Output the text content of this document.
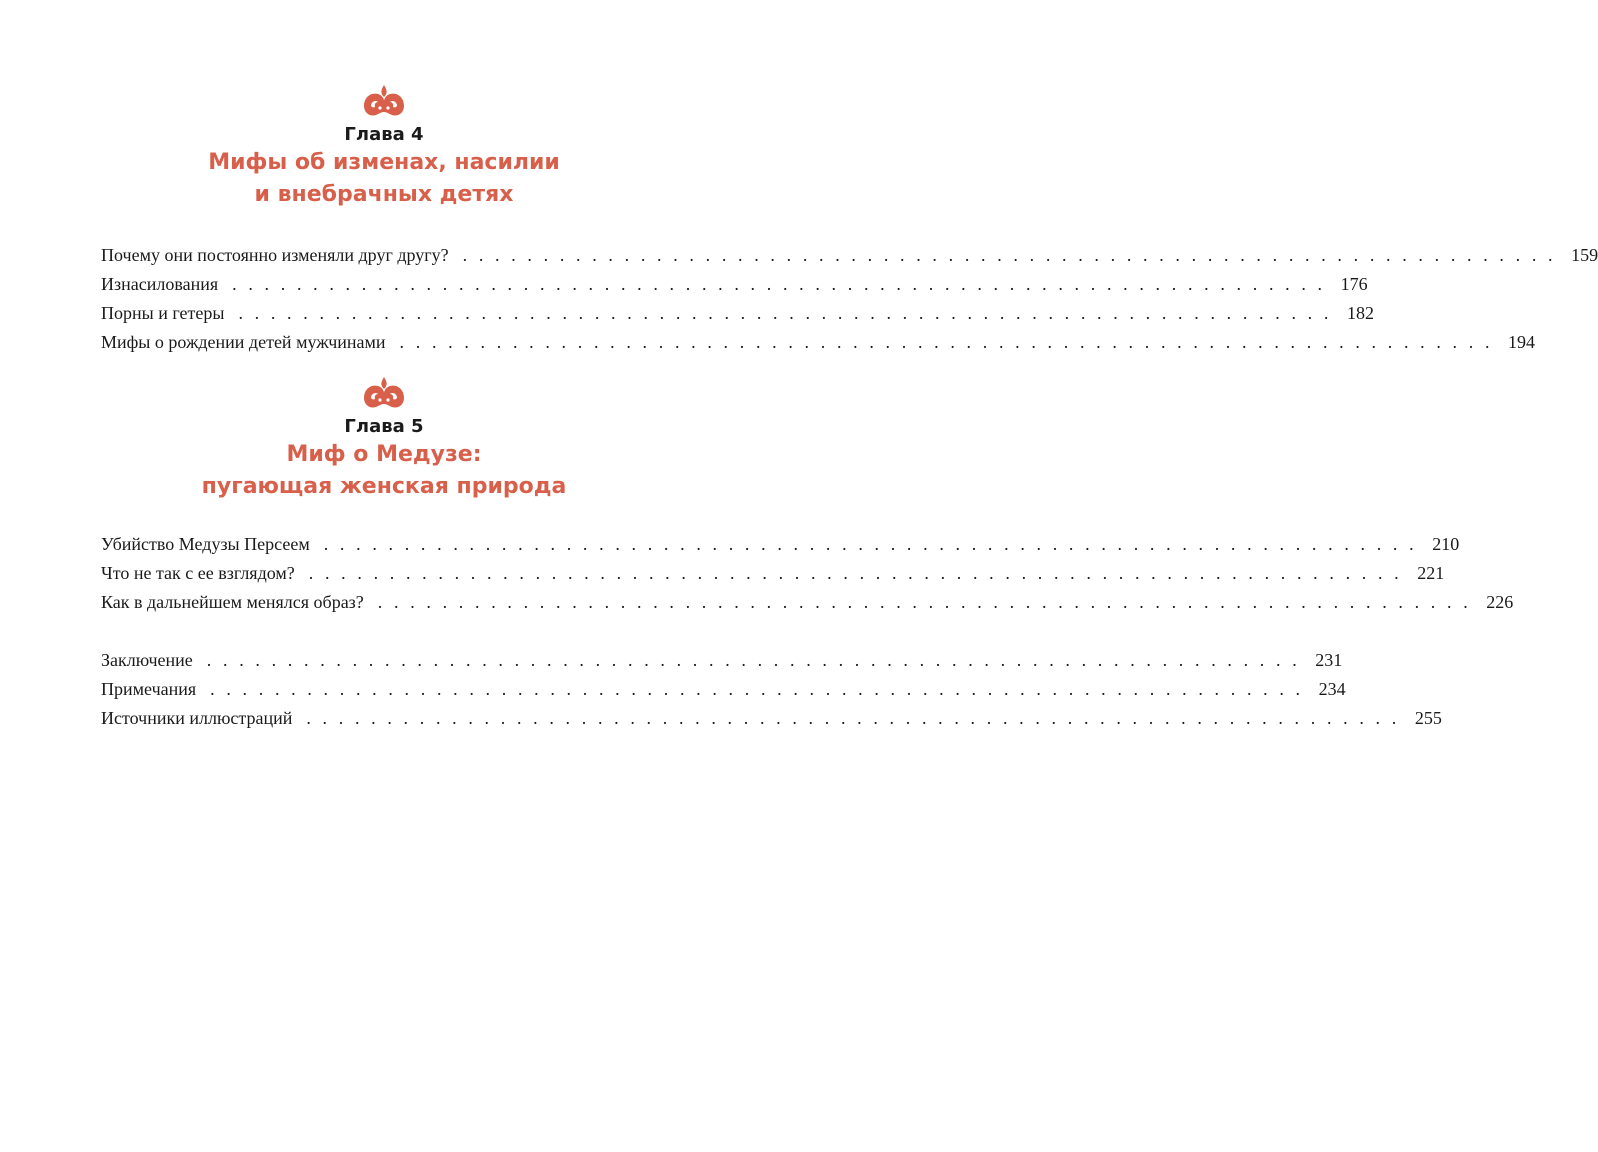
Глава 4
Мифы об изменах, насилии
и внебрачных детях
Почему они постоянно изменяли друг другу? . . . . . . . . . . . . . . . . . . . . . . . . . . . . . . . . . . . . . . . . . . . . . . . . . . . . . . . . . . . . . . . . . . . . 159
Изнасилования . . . . . . . . . . . . . . . . . . . . . . . . . . . . . . . . . . . . . . . . . . . . . . . . . . . . . . . . . . . . . . . . . . . . 176
Порны и гетеры . . . . . . . . . . . . . . . . . . . . . . . . . . . . . . . . . . . . . . . . . . . . . . . . . . . . . . . . . . . . . . . . . . . . 182
Мифы о рождении детей мужчинами . . . . . . . . . . . . . . . . . . . . . . . . . . . . . . . . . . . . . . . . . . . . . . . . . . . . . . . . . . . . . . . . . . . . 194
Глава 5
Миф о Медузе:
пугающая женская природа
Убийство Медузы Персеем . . . . . . . . . . . . . . . . . . . . . . . . . . . . . . . . . . . . . . . . . . . . . . . . . . . . . . . . . . . . . . . . . . . . 210
Что не так с ее взглядом? . . . . . . . . . . . . . . . . . . . . . . . . . . . . . . . . . . . . . . . . . . . . . . . . . . . . . . . . . . . . . . . . . . . . 221
Как в дальнейшем менялся образ? . . . . . . . . . . . . . . . . . . . . . . . . . . . . . . . . . . . . . . . . . . . . . . . . . . . . . . . . . . . . . . . . . . . . 226
Заключение . . . . . . . . . . . . . . . . . . . . . . . . . . . . . . . . . . . . . . . . . . . . . . . . . . . . . . . . . . . . . . . . . . . . 231
Примечания . . . . . . . . . . . . . . . . . . . . . . . . . . . . . . . . . . . . . . . . . . . . . . . . . . . . . . . . . . . . . . . . . . . . 234
Источники иллюстраций . . . . . . . . . . . . . . . . . . . . . . . . . . . . . . . . . . . . . . . . . . . . . . . . . . . . . . . . . . . . . . . . . . . . 255
